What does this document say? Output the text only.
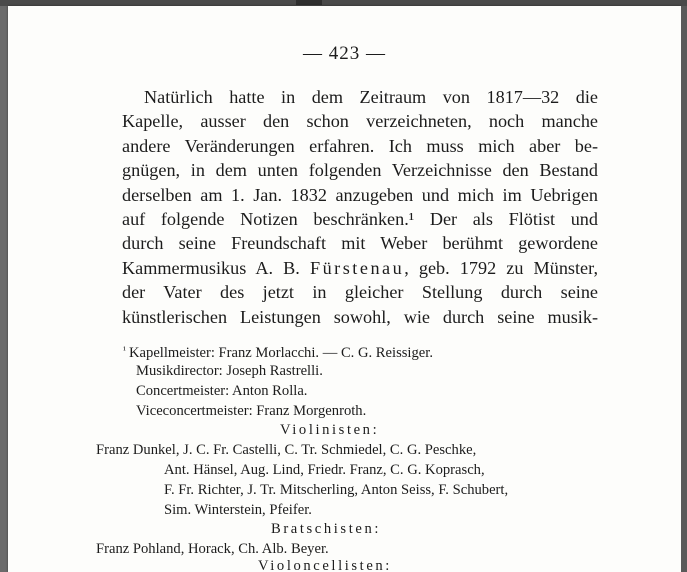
— 423 —
Natürlich hatte in dem Zeitraum von 1817—32 die
Kapelle, ausser den schon verzeichneten, noch manche
andere Veränderungen erfahren. Ich muss mich aber be-
gnügen, in dem unten folgenden Verzeichnisse den Bestand
derselben am 1. Jan. 1832 anzugeben und mich im Uebrigen
auf folgende Notizen beschränken.¹ Der als Flötist und
durch seine Freundschaft mit Weber berühmt gewordene
Kammermusikus A. B. Fürstenau, geb. 1792 zu Münster,
der Vater des jetzt in gleicher Stellung durch seine
künstlerischen Leistungen sowohl, wie durch seine musik-
$^{^1}$ Kapellmeister: Franz Morlacchi. — C. G. Reissiger.
Musikdirector: Joseph Rastrelli.
Concertmeister: Anton Rolla.
Viceconcertmeister: Franz Morgenroth.
Violinisten:
Franz Dunkel, J. C. Fr. Castelli, C. Tr. Schmiedel, C. G. Peschke,
Ant. Hänsel, Aug. Lind, Friedr. Franz, C. G. Koprasch,
F. Fr. Richter, J. Tr. Mitscherling, Anton Seiss, F. Schubert,
Sim. Winterstein, Pfeifer.
Bratschisten:
Franz Pohland, Horack, Ch. Alb. Beyer.
Violoncellisten:
